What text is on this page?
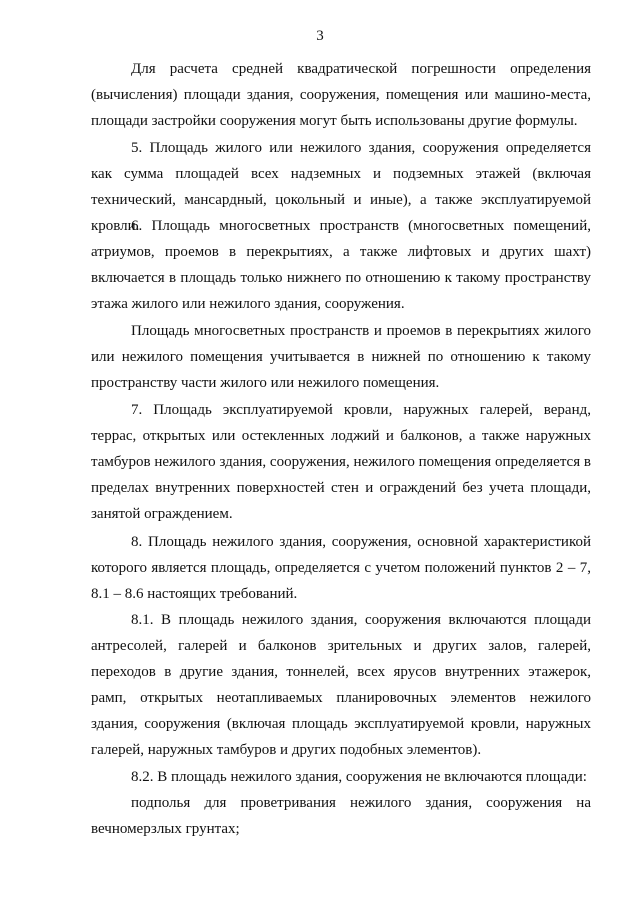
3

Для расчета средней квадратической погрешности определения (вычисления) площади здания, сооружения, помещения или машино-места, площади застройки сооружения могут быть использованы другие формулы.

5. Площадь жилого или нежилого здания, сооружения определяется как сумма площадей всех надземных и подземных этажей (включая технический, мансардный, цокольный и иные), а также эксплуатируемой кровли.

6. Площадь многосветных пространств (многосветных помещений, атриумов, проемов в перекрытиях, а также лифтовых и других шахт) включается в площадь только нижнего по отношению к такому пространству этажа жилого или нежилого здания, сооружения.

Площадь многосветных пространств и проемов в перекрытиях жилого или нежилого помещения учитывается в нижней по отношению к такому пространству части жилого или нежилого помещения.

7. Площадь эксплуатируемой кровли, наружных галерей, веранд, террас, открытых или остекленных лоджий и балконов, а также наружных тамбуров нежилого здания, сооружения, нежилого помещения определяется в пределах внутренних поверхностей стен и ограждений без учета площади, занятой ограждением.

8. Площадь нежилого здания, сооружения, основной характеристикой которого является площадь, определяется с учетом положений пунктов 2 – 7, 8.1 – 8.6 настоящих требований.

8.1. В площадь нежилого здания, сооружения включаются площади антресолей, галерей и балконов зрительных и других залов, галерей, переходов в другие здания, тоннелей, всех ярусов внутренних этажерок, рамп, открытых неотапливаемых планировочных элементов нежилого здания, сооружения (включая площадь эксплуатируемой кровли, наружных галерей, наружных тамбуров и других подобных элементов).

8.2. В площадь нежилого здания, сооружения не включаются площади:

подполья для проветривания нежилого здания, сооружения на вечномерзлых грунтах;
